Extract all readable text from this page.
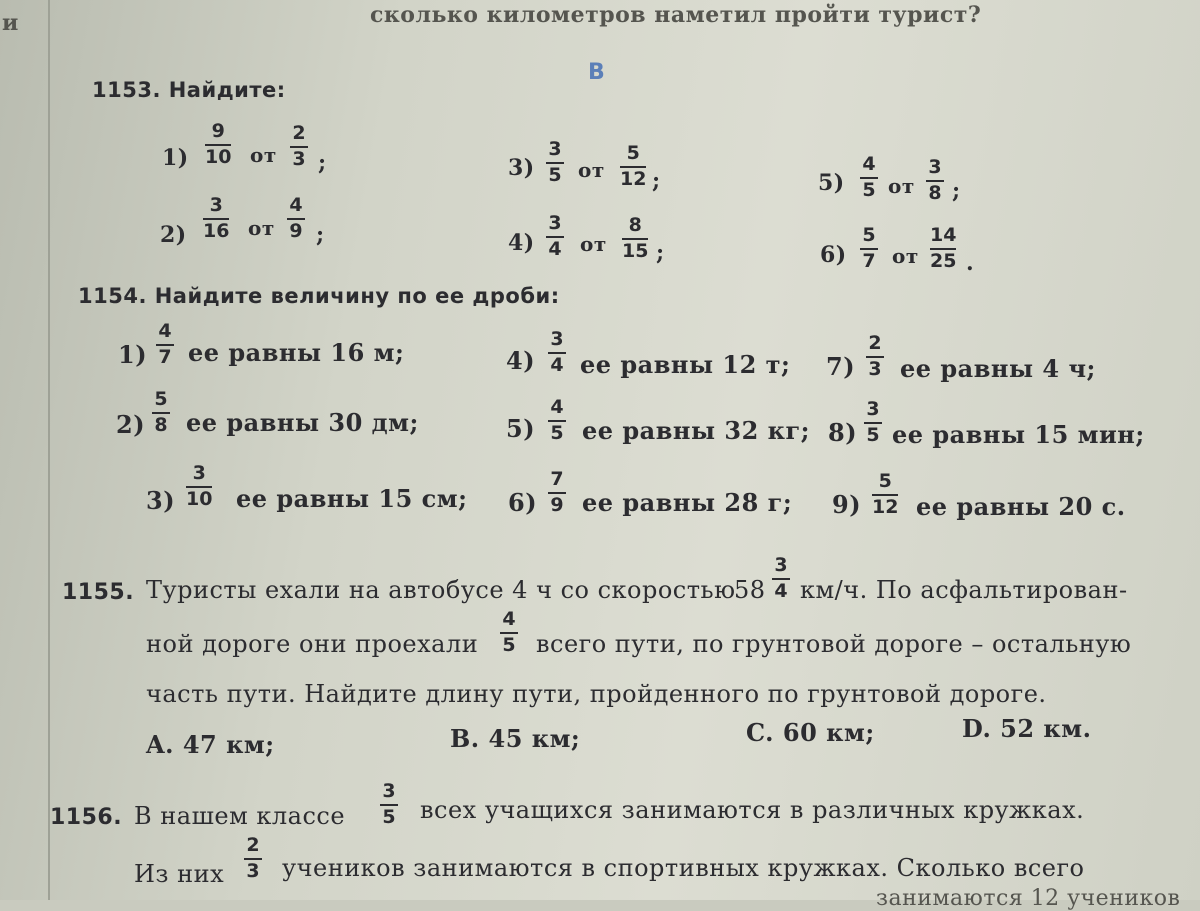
сколько километров наметил пройти турист?
и
В
1153. Найдите:
1)
9
10 от
2
3 ;
2)
3
16 от
4
9 ;
3)
3
5 от
5
12 ;
4)
3
4 от
8
15 ;
5)
4
5 от
3
8 ;
6)
5
7 от
14
25 .
1154. Найдите величину по ее дроби:
1)
4
7 ее равны 16 м;
2)
5
8 ее равны 30 дм;
3)
3
10 ее равны 15 см;
4)
3
4 ее равны 12 т;
5)
4
5 ее равны 32 кг;
6)
7
9 ее равны 28 г;
7)
2
3 ее равны 4 ч;
8)
3
5 ее равны 15 мин;
9)
5
12 ее равны 20 с.
1155. Туристы ехали на автобусе 4 ч со скоростью
58
3
4 км/ч. По асфальтирован-
ной дороге они проехали
4
5 всего пути, по грунтовой дороге – остальную
часть пути. Найдите длину пути, пройденного по грунтовой дороге.
A. 47 км;	B. 45 км;	C. 60 км;	D. 52 км.
1156. В нашем классе
3
5 всех учащихся занимаются в различных кружках.
Из них
2
3 учеников занимаются в спортивных кружках. Сколько всего
занимаются 12 учеников
